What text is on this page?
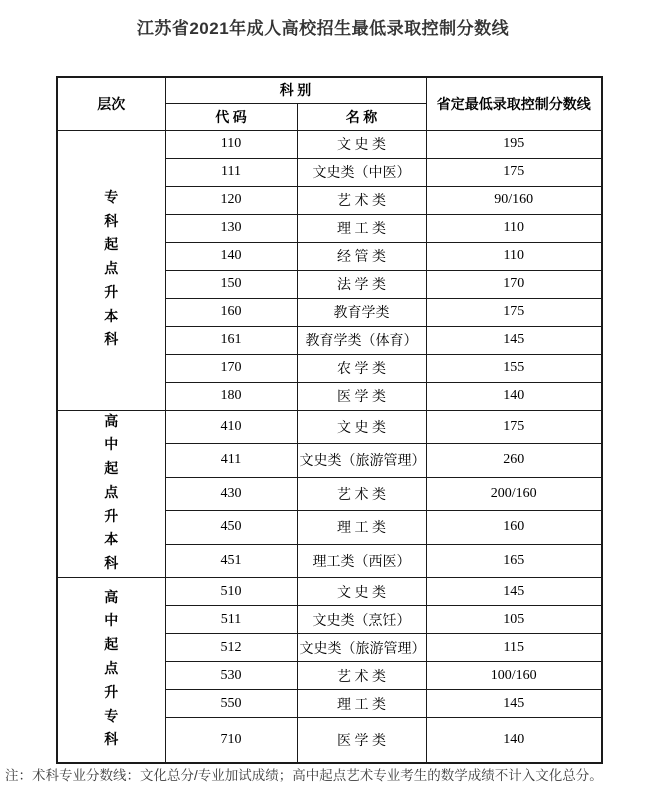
江苏省2021年成人高校招生最低录取控制分数线
层次	科 别		省定最低录取控制分数线
	代 码	名 称	
专科起点升本科	110	文 史 类	195
	111	文史类（中医）	175
	120	艺 术 类	90/160
	130	理 工 类	110
	140	经 管 类	110
	150	法 学 类	170
	160	教育学类	175
	161	教育学类（体育）	145
	170	农 学 类	155
	180	医 学 类	140
高中起点升本科	410	文 史 类	175
	411	文史类（旅游管理）	260
	430	艺 术 类	200/160
	450	理 工 类	160
	451	理工类（西医）	165
高中起点升专科	510	文 史 类	145
	511	文史类（烹饪）	105
	512	文史类（旅游管理）	115
	530	艺 术 类	100/160
	550	理 工 类	145
	710	医 学 类	140
注：术科专业分数线：文化总分/专业加试成绩；高中起点艺术专业考生的数学成绩不计入文化总分。
